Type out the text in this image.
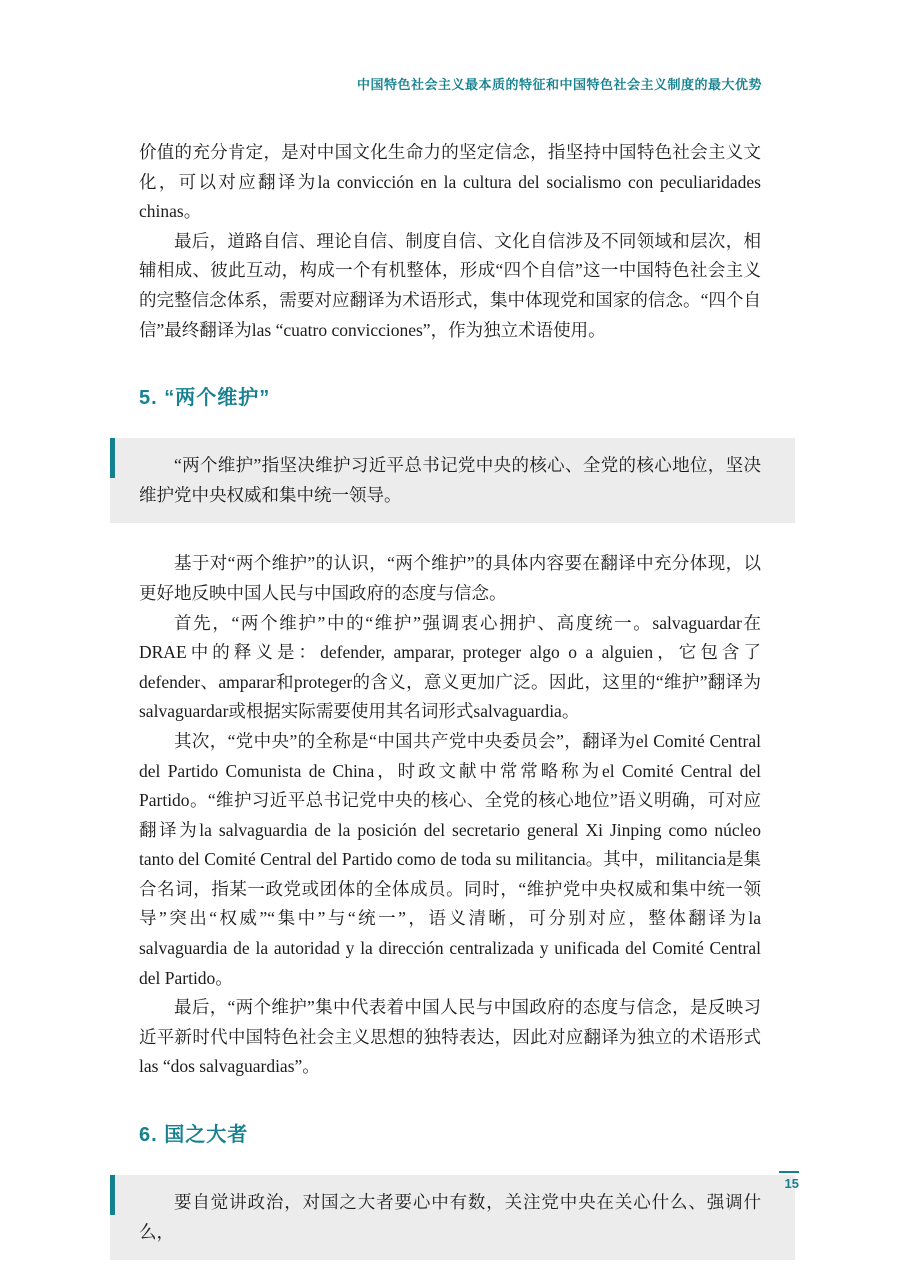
中国特色社会主义最本质的特征和中国特色社会主义制度的最大优势

价值的充分肯定，是对中国文化生命力的坚定信念，指坚持中国特色社会主义文化，可以对应翻译为la convicción en la cultura del socialismo con peculiaridades chinas。

最后，道路自信、理论自信、制度自信、文化自信涉及不同领域和层次，相辅相成、彼此互动，构成一个有机整体，形成“四个自信”这一中国特色社会主义的完整信念体系，需要对应翻译为术语形式，集中体现党和国家的信念。“四个自信”最终翻译为las “cuatro convicciones”，作为独立术语使用。

5. “两个维护”

“两个维护”指坚决维护习近平总书记党中央的核心、全党的核心地位，坚决维护党中央权威和集中统一领导。

基于对“两个维护”的认识，“两个维护”的具体内容要在翻译中充分体现，以更好地反映中国人民与中国政府的态度与信念。

首先，“两个维护”中的“维护”强调衷心拥护、高度统一。salvaguardar在DRAE中的释义是：defender, amparar, proteger algo o a alguien，它包含了defender、amparar和proteger的含义，意义更加广泛。因此，这里的“维护”翻译为salvaguardar或根据实际需要使用其名词形式salvaguardia。

其次，“党中央”的全称是“中国共产党中央委员会”，翻译为el Comité Central del Partido Comunista de China，时政文献中常常略称为el Comité Central del Partido。“维护习近平总书记党中央的核心、全党的核心地位”语义明确，可对应翻译为la salvaguardia de la posición del secretario general Xi Jinping como núcleo tanto del Comité Central del Partido como de toda su militancia。其中，militancia是集合名词，指某一政党或团体的全体成员。同时，“维护党中央权威和集中统一领导”突出“权威”“集中”与“统一”，语义清晰，可分别对应，整体翻译为la salvaguardia de la autoridad y la dirección centralizada y unificada del Comité Central del Partido。

最后，“两个维护”集中代表着中国人民与中国政府的态度与信念，是反映习近平新时代中国特色社会主义思想的独特表达，因此对应翻译为独立的术语形式las “dos salvaguardias”。

6. 国之大者

要自觉讲政治，对国之大者要心中有数，关注党中央在关心什么、强调什么，

15
